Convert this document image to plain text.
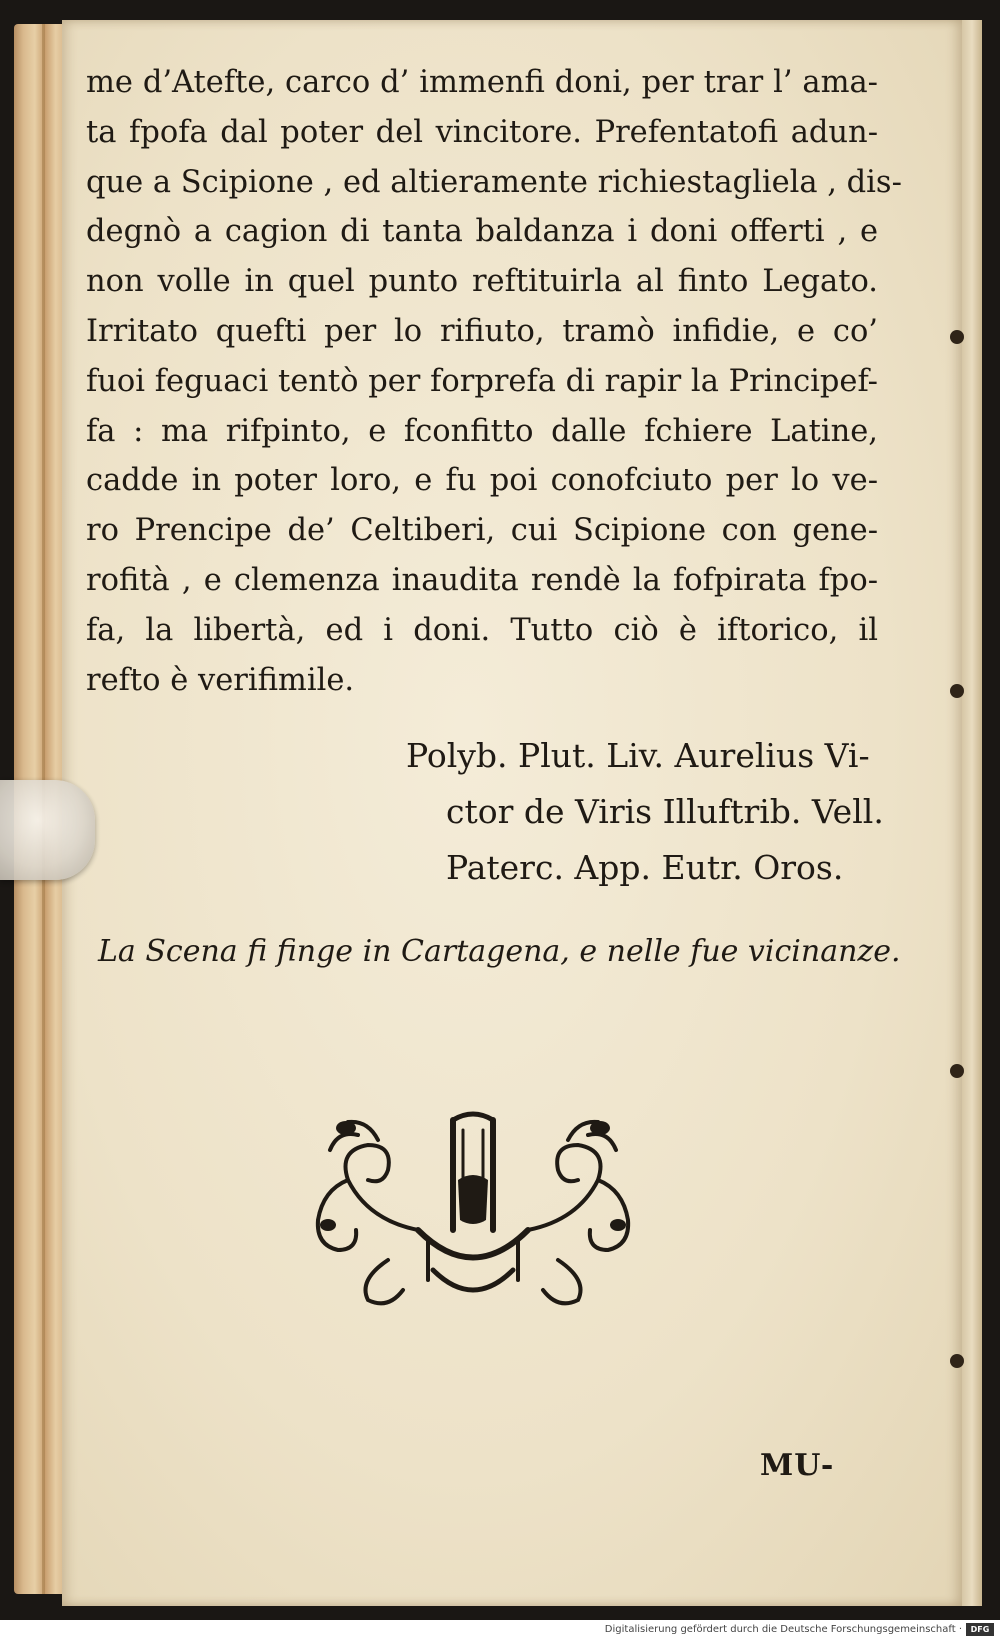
me d’Atefte, carco d’ immenfi doni, per trar l’ ama-
ta fpofa dal poter del vincitore. Prefentatofi adun-
que a Scipione , ed altieramente richiestagliela , dis-
degnò a cagion di tanta baldanza i doni offerti , e
non volle in quel punto reftituirla al finto Legato.
Irritato quefti per lo rifiuto, tramò infidie, e co’
fuoi feguaci tentò per forprefa di rapir la Principef-
fa : ma rifpinto, e fconfitto dalle fchiere Latine,
cadde in poter loro, e fu poi conofciuto per lo ve-
ro Prencipe de’ Celtiberi, cui Scipione con gene-
rofità , e clemenza inaudita rendè la fofpirata fpo-
fa, la libertà, ed i doni. Tutto ciò è iftorico, il
refto è verifimile.
Polyb. Plut. Liv. Aurelius Vi-
ctor de Viris Illuftrib. Vell.
Paterc. App. Eutr. Oros.
La Scena fi finge in Cartagena, e nelle fue vicinanze.
MU-
Digitalisierung gefördert durch die Deutsche Forschungsgemeinschaft ·	DFG
